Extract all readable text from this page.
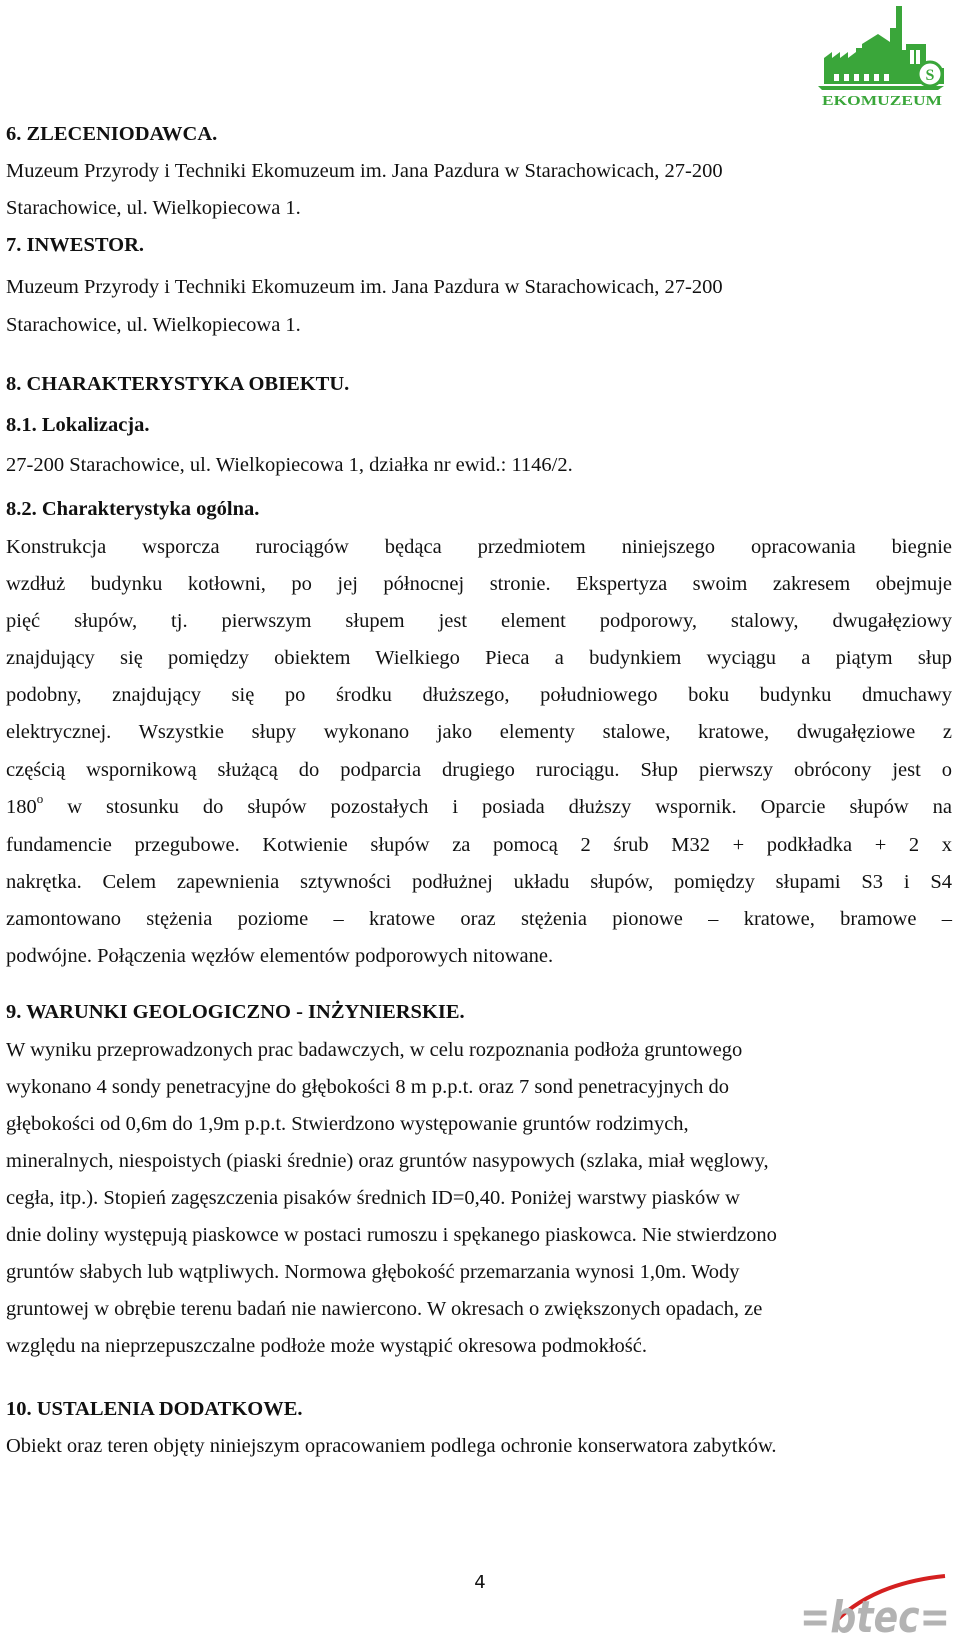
S
EKOMUZEUM
6. ZLECENIODAWCA.
Muzeum Przyrody i Techniki Ekomuzeum im. Jana Pazdura w Starachowicach, 27-200
Starachowice, ul. Wielkopiecowa 1.
7. INWESTOR.
Muzeum Przyrody i Techniki Ekomuzeum im. Jana Pazdura w Starachowicach, 27-200
Starachowice, ul. Wielkopiecowa 1.
8. CHARAKTERYSTYKA OBIEKTU.
8.1. Lokalizacja.
27-200 Starachowice, ul. Wielkopiecowa 1, działka nr ewid.: 1146/2.
8.2. Charakterystyka ogólna.
Konstrukcja wsporcza rurociągów będąca przedmiotem niniejszego opracowania biegnie
wzdłuż budynku kotłowni, po jej północnej stronie. Ekspertyza swoim zakresem obejmuje
pięć słupów, tj. pierwszym słupem jest element podporowy, stalowy, dwugałęziowy
znajdujący się pomiędzy obiektem Wielkiego Pieca a budynkiem wyciągu a piątym słup
podobny, znajdujący się po środku dłuższego, południowego boku budynku dmuchawy
elektrycznej. Wszystkie słupy wykonano jako elementy stalowe, kratowe, dwugałęziowe z
częścią wspornikową służącą do podparcia drugiego rurociągu. Słup pierwszy obrócony jest o
180$^o$ w stosunku do słupów pozostałych i posiada dłuższy wspornik. Oparcie słupów na
fundamencie przegubowe. Kotwienie słupów za pomocą 2 śrub M32 + podkładka + 2 x
nakrętka. Celem zapewnienia sztywności podłużnej układu słupów, pomiędzy słupami S3 i S4
zamontowano stężenia poziome – kratowe oraz stężenia pionowe – kratowe, bramowe –
podwójne. Połączenia węzłów elementów podporowych nitowane.
9. WARUNKI GEOLOGICZNO - INŻYNIERSKIE.
W wyniku przeprowadzonych prac badawczych, w celu rozpoznania podłoża gruntowego
wykonano 4 sondy penetracyjne do głębokości 8 m p.p.t. oraz 7 sond penetracyjnych do
głębokości od 0,6m do 1,9m p.p.t. Stwierdzono występowanie gruntów rodzimych,
mineralnych, niespoistych (piaski średnie) oraz gruntów nasypowych (szlaka, miał węglowy,
cegła, itp.). Stopień zagęszczenia pisaków średnich ID=0,40. Poniżej warstwy piasków w
dnie doliny występują piaskowce w postaci rumoszu i spękanego piaskowca. Nie stwierdzono
gruntów słabych lub wątpliwych. Normowa głębokość przemarzania wynosi 1,0m. Wody
gruntowej w obrębie terenu badań nie nawiercono. W okresach o zwiększonych opadach, ze
względu na nieprzepuszczalne podłoże może wystąpić okresowa podmokłość.
10. USTALENIA DODATKOWE.
Obiekt oraz teren objęty niniejszym opracowaniem podlega ochronie konserwatora zabytków.
4
=btec=
